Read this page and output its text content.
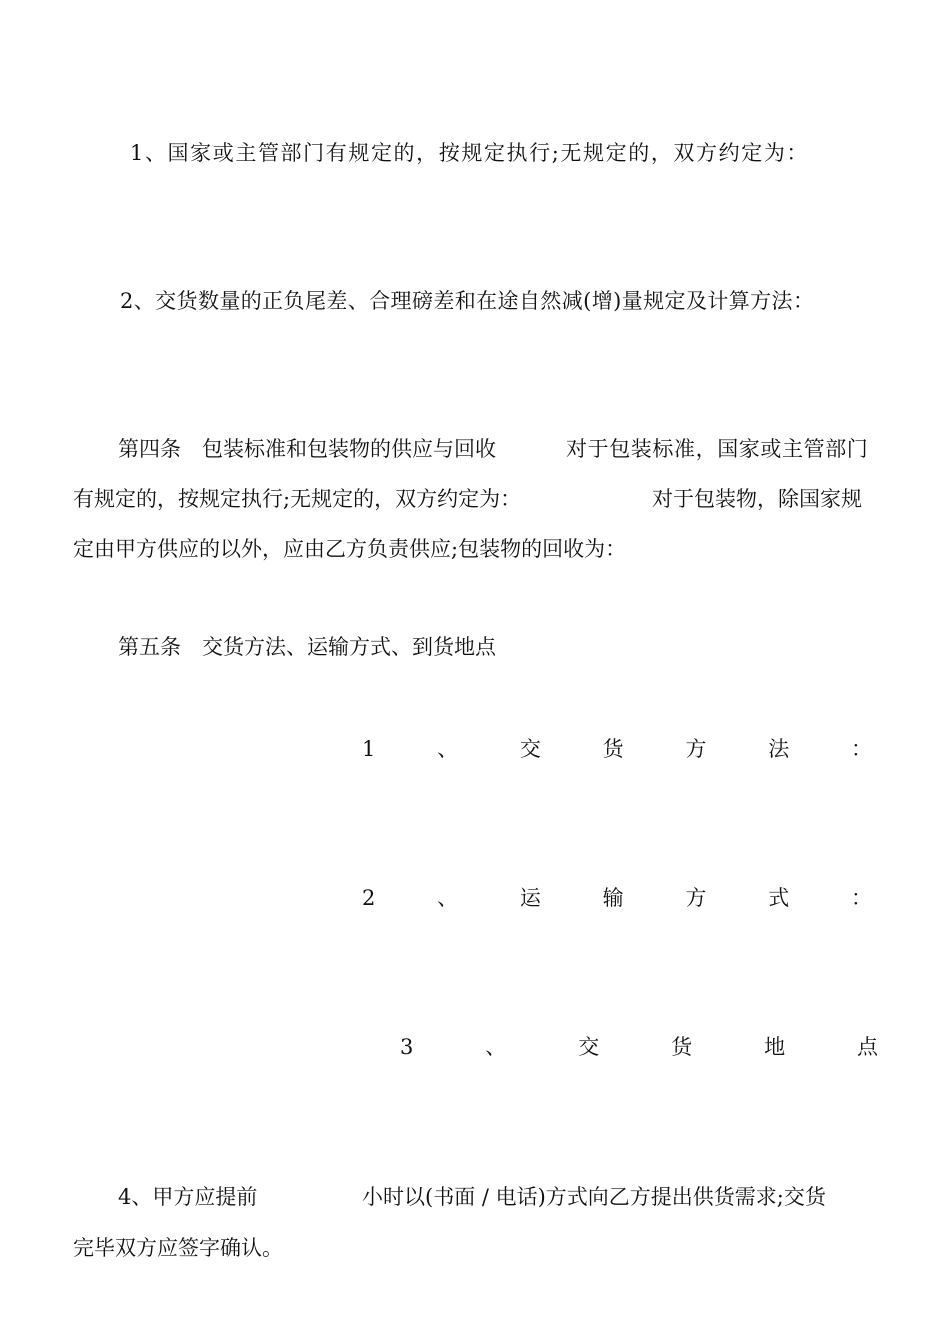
1、国家或主管部门有规定的，按规定执行;无规定的，双方约定为：
2、交货数量的正负尾差、合理磅差和在途自然减(增)量规定及计算方法：
第四条　包装标准和包装物的供应与回收	对于包装标准，国家或主管部门
有规定的，按规定执行;无规定的，双方约定为：	对于包装物，除国家规
定由甲方供应的以外，应由乙方负责供应;包装物的回收为：
第五条　交货方法、运输方式、到货地点
1	、	交	货	方	法	：
2	、	运	输	方	式	：
3	、	交	货	地	点
4、甲方应提前	小时以(书面 / 电话)方式向乙方提出供货需求;交货
完毕双方应签字确认。
